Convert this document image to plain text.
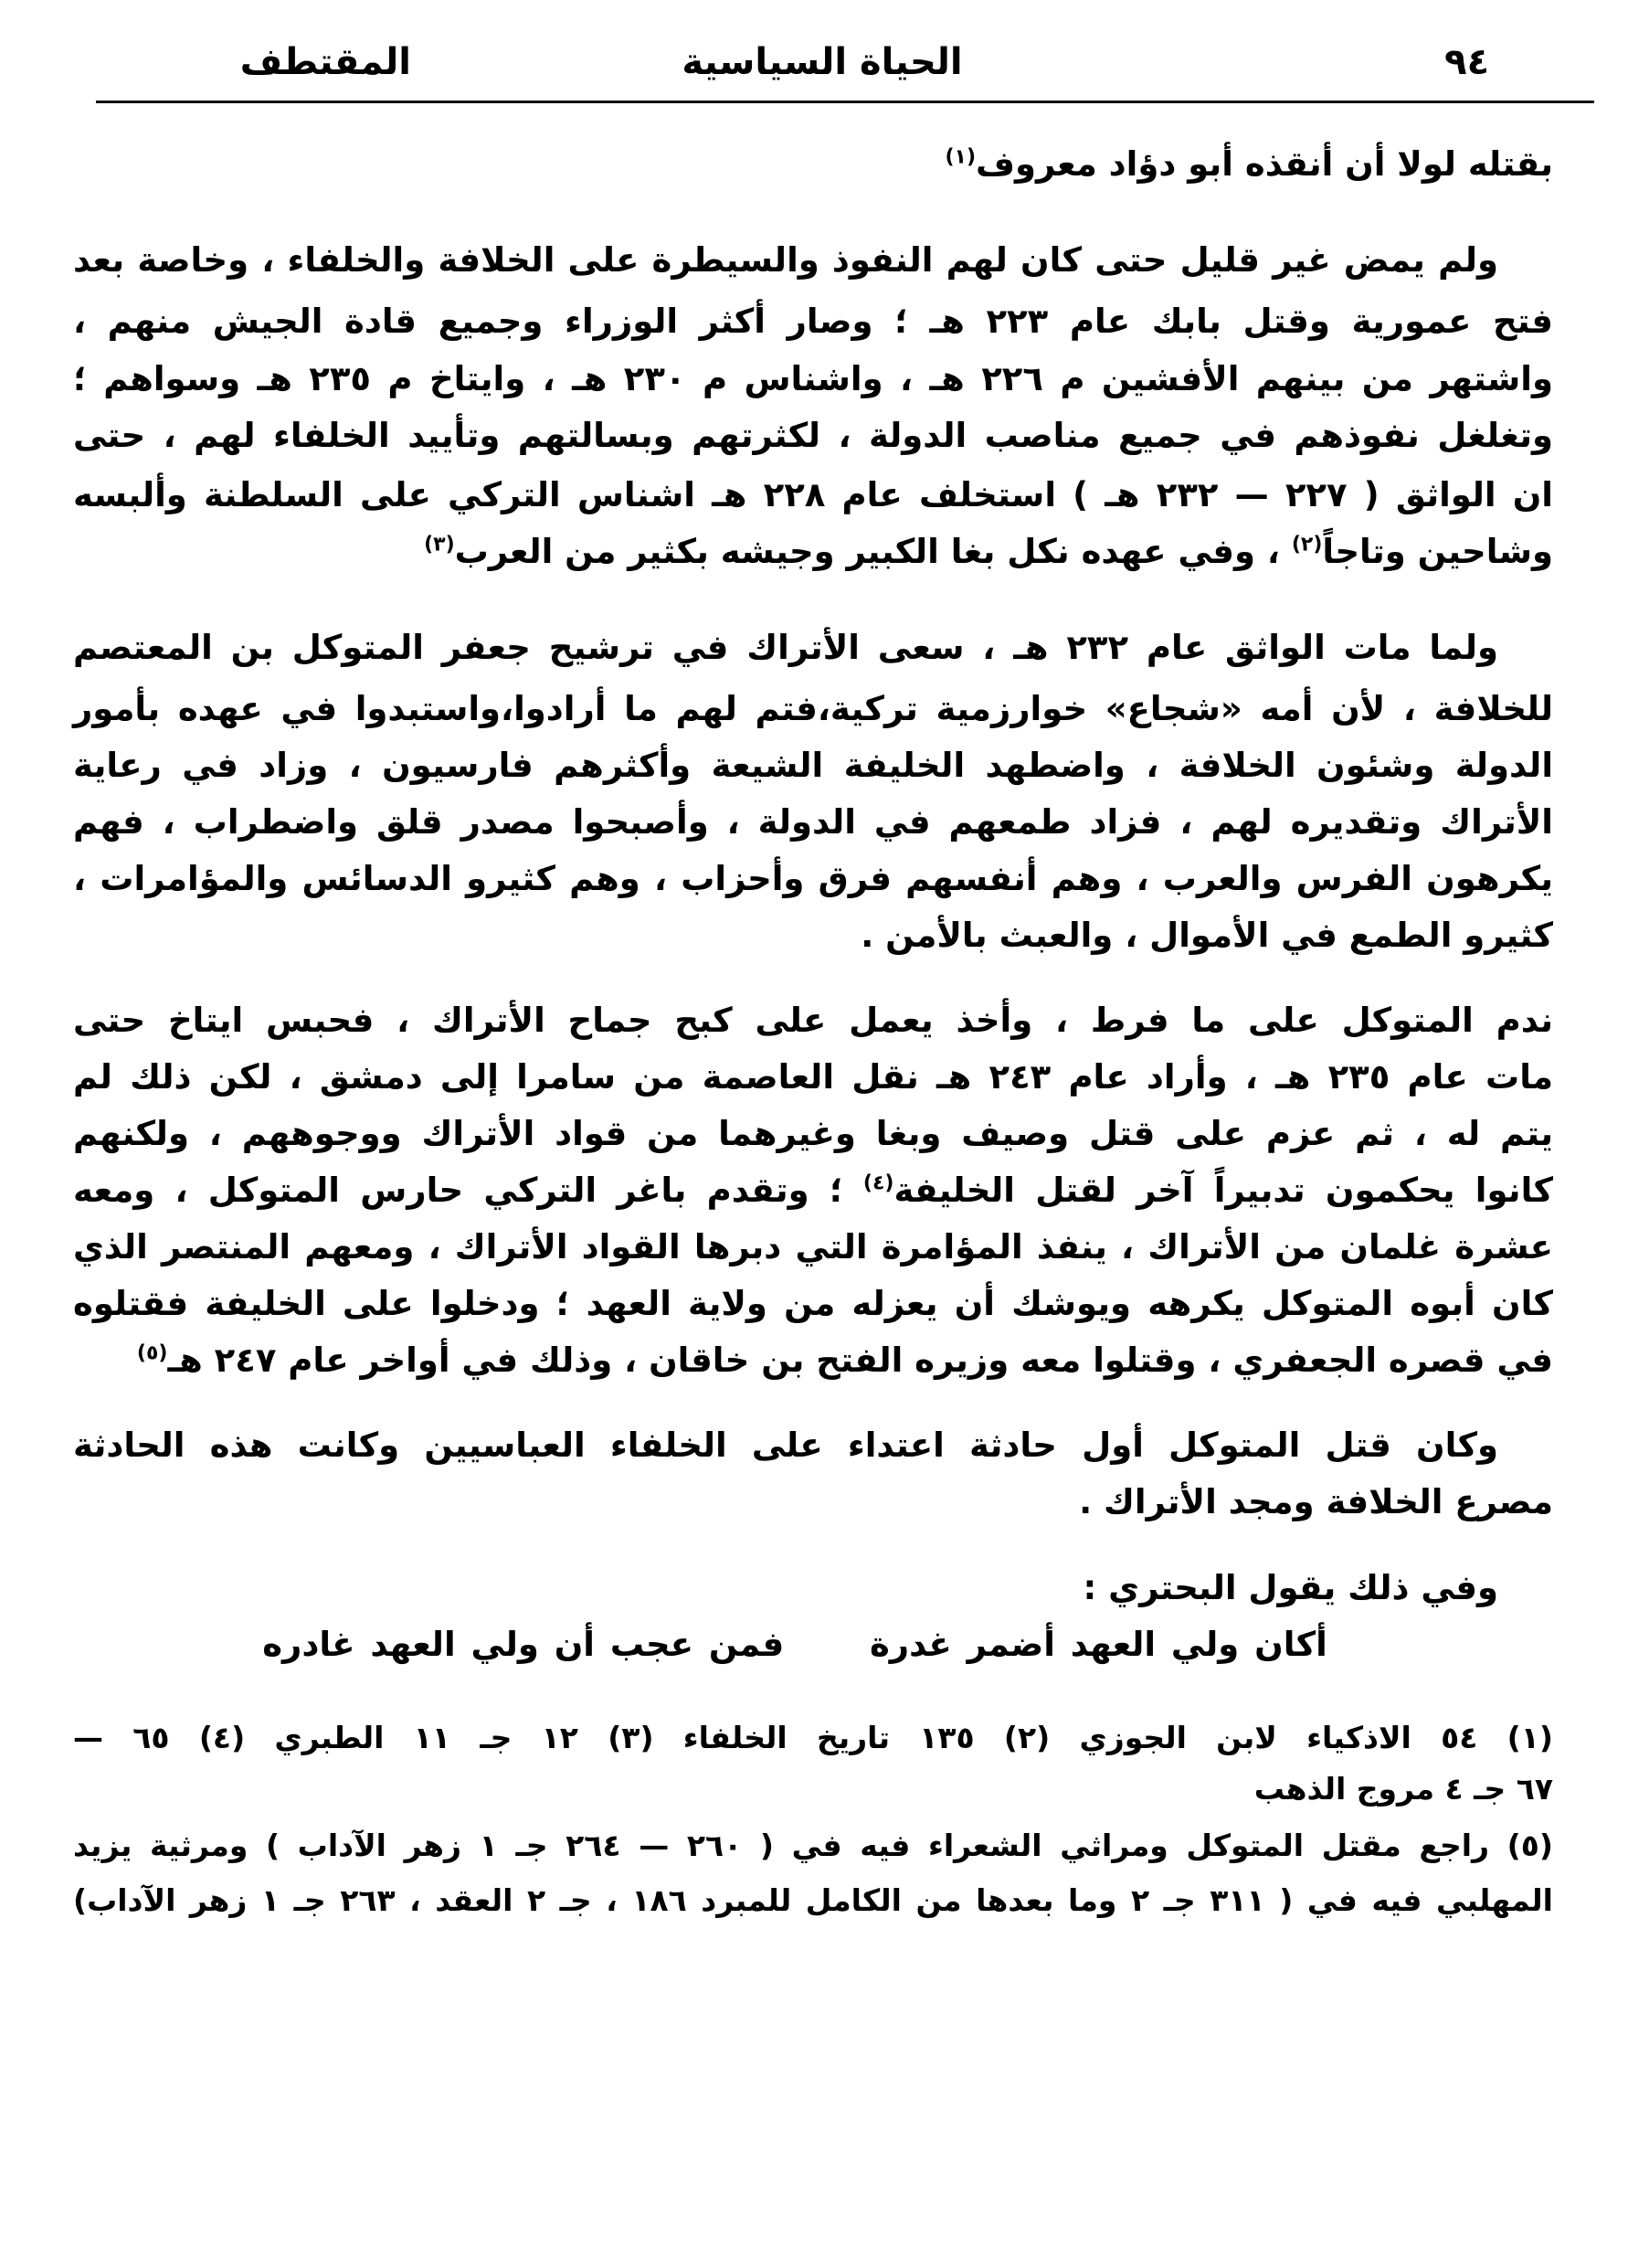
٩٤
الحياة السياسية
المقتطف
بقتله لولا أن أنقذه أبو دؤاد معروف$^{(١)}$
ولم يمض غير قليل حتى كان لهم النفوذ والسيطرة على الخلافة والخلفاء ، وخاصة بعد
فتح عمورية وقتل بابك عام ٢٢٣ هـ ؛ وصار أكثر الوزراء وجميع قادة الجيش منهم ،
واشتهر من بينهم الأفشين م ٢٢٦ هـ ، واشناس م ٢٣٠ هـ ، وايتاخ م ٢٣٥ هـ وسواهم ؛
وتغلغل نفوذهم في جميع مناصب الدولة ، لكثرتهم وبسالتهم وتأييد الخلفاء لهم ، حتى
ان الواثق ( ٢٢٧ — ٢٣٢ هـ ) استخلف عام ٢٢٨ هـ اشناس التركي على السلطنة وألبسه
وشاحين وتاجاً$^{(٢)}$ ، وفي عهده نكل بغا الكبير وجيشه بكثير من العرب$^{(٣)}$
ولما مات الواثق عام ٢٣٢ هـ ، سعى الأتراك في ترشيح جعفر المتوكل بن المعتصم
للخلافة ، لأن أمه «شجاع» خوارزمية تركية،فتم لهم ما أرادوا،واستبدوا في عهده بأمور
الدولة وشئون الخلافة ، واضطهد الخليفة الشيعة وأكثرهم فارسيون ، وزاد في رعاية
الأتراك وتقديره لهم ، فزاد طمعهم في الدولة ، وأصبحوا مصدر قلق واضطراب ، فهم
يكرهون الفرس والعرب ، وهم أنفسهم فرق وأحزاب ، وهم كثيرو الدسائس والمؤامرات ،
كثيرو الطمع في الأموال ، والعبث بالأمن .
ندم المتوكل على ما فرط ، وأخذ يعمل على كبح جماح الأتراك ، فحبس ايتاخ حتى
مات عام ٢٣٥ هـ ، وأراد عام ٢٤٣ هـ نقل العاصمة من سامرا إلى دمشق ، لكن ذلك لم
يتم له ، ثم عزم على قتل وصيف وبغا وغيرهما من قواد الأتراك ووجوههم ، ولكنهم
كانوا يحكمون تدبيراً آخر لقتل الخليفة$^{(٤)}$ ؛ وتقدم باغر التركي حارس المتوكل ، ومعه
عشرة غلمان من الأتراك ، ينفذ المؤامرة التي دبرها القواد الأتراك ، ومعهم المنتصر الذي
كان أبوه المتوكل يكرهه ويوشك أن يعزله من ولاية العهد ؛ ودخلوا على الخليفة فقتلوه
في قصره الجعفري ، وقتلوا معه وزيره الفتح بن خاقان ، وذلك في أواخر عام ٢٤٧ هـ$^{(٥)}$
وكان قتل المتوكل أول حادثة اعتداء على الخلفاء العباسيين وكانت هذه الحادثة
مصرع الخلافة ومجد الأتراك .
وفي ذلك يقول البحتري :
أكان ولي العهد أضمر غدرة  فمن عجب أن ولي العهد غادره
(١) ٥٤ الاذكياء لابن الجوزي (٢) ١٣٥ تاريخ الخلفاء (٣) ١٢ جـ ١١ الطبري (٤) ٦٥ —
٦٧ جـ ٤ مروج الذهب
(٥) راجع مقتل المتوكل ومراثي الشعراء فيه في ( ٢٦٠ — ٢٦٤ جـ ١ زهر الآداب ) ومرثية يزيد
المهلبي فيه في ( ٣١١ جـ ٢ وما بعدها من الكامل للمبرد ١٨٦ ، جـ ٢ العقد ، ٢٦٣ جـ ١ زهر الآداب)
